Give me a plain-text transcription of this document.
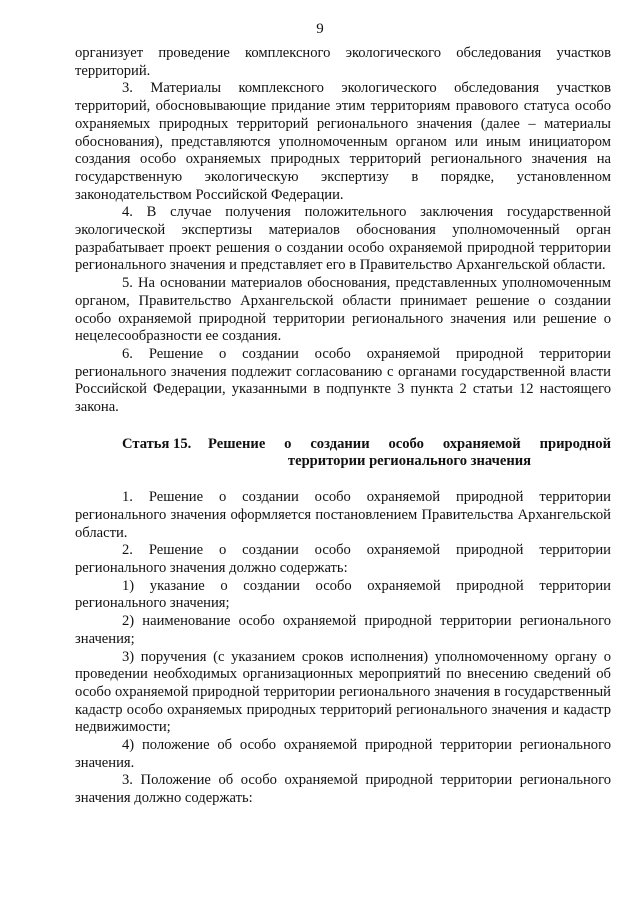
9

организует проведение комплексного экологического обследования участков территорий.

3. Материалы комплексного экологического обследования участков территорий, обосновывающие придание этим территориям правового статуса особо охраняемых природных территорий регионального значения (далее – материалы обоснования), представляются уполномоченным органом или иным инициатором создания особо охраняемых природных территорий регионального значения на государственную экологическую экспертизу в порядке, установленном законодательством Российской Федерации.

4. В случае получения положительного заключения государственной экологической экспертизы материалов обоснования уполномоченный орган разрабатывает проект решения о создании особо охраняемой природной территории регионального значения и представляет его в Правительство Архангельской области.

5. На основании материалов обоснования, представленных уполномоченным органом, Правительство Архангельской области принимает решение о создании особо охраняемой природной территории регионального значения или решение о нецелесообразности ее создания.

6. Решение о создании особо охраняемой природной территории регионального значения подлежит согласованию с органами государственной власти Российской Федерации, указанными в подпункте 3 пункта 2 статьи 12 настоящего закона.

Статья 15.	Решение о создании особо охраняемой природной территории регионального значения

1. Решение о создании особо охраняемой природной территории регионального значения оформляется постановлением Правительства Архангельской области.

2. Решение о создании особо охраняемой природной территории регионального значения должно содержать:

1) указание о создании особо охраняемой природной территории регионального значения;

2) наименование особо охраняемой природной территории регионального значения;

3) поручения (с указанием сроков исполнения) уполномоченному органу о проведении необходимых организационных мероприятий по внесению сведений об особо охраняемой природной территории регионального значения в государственный кадастр особо охраняемых природных территорий регионального значения и кадастр недвижимости;

4) положение об особо охраняемой природной территории регионального значения.

3. Положение об особо охраняемой природной территории регионального значения должно содержать:
